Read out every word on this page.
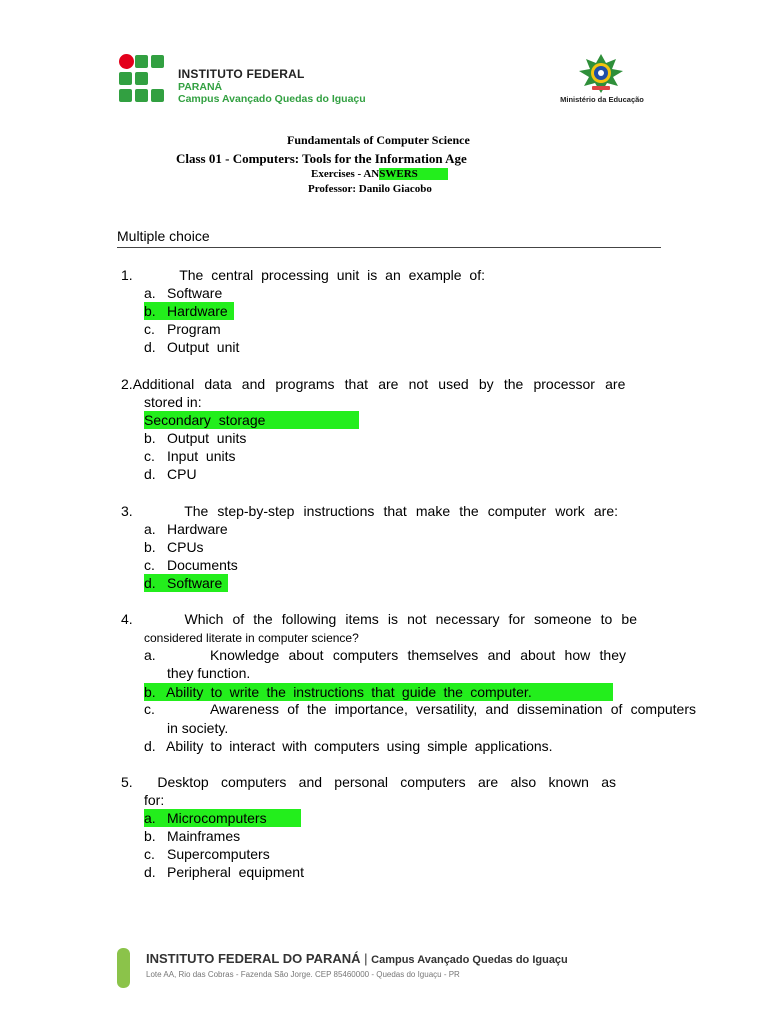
INSTITUTO FEDERAL
PARANÁ
Campus Avançado Quedas do Iguaçu	Ministério da Educação
Fundamentals of Computer Science
Class 01 - Computers: Tools for the Information Age
Exercises - ANSWERS
Professor: Danilo Giacobo
Multiple choice
1.	The central processing unit is an example of:
a. Software
b. Hardware
c. Program
d. Output  unit
2.Additional data and programs that are not used by the processor are
stored in:
Secondary  storage
b. Output  units
c. Input  units
d. CPU
3.	The step-by-step instructions that make the computer work are:
a. Hardware
b. CPUs
c. Documents
d. Software
4.	Which of the following items is not necessary for someone to be
considered literate in computer science?
a.	Knowledge about computers themselves and about how they
they function.
b. Ability to write the instructions that guide the computer.
c.	Awareness of the importance, versatility, and dissemination of computers
in society.
d. Ability to interact with computers using simple applications.
5. Desktop computers and personal computers are also known as
for:
a. Microcomputers
b. Mainframes
c. Supercomputers
d. Peripheral  equipment
INSTITUTO FEDERAL DO PARANÁ | Campus Avançado Quedas do Iguaçu
Lote AA, Rio das Cobras - Fazenda São Jorge. CEP 85460000 - Quedas do Iguaçu - PR
